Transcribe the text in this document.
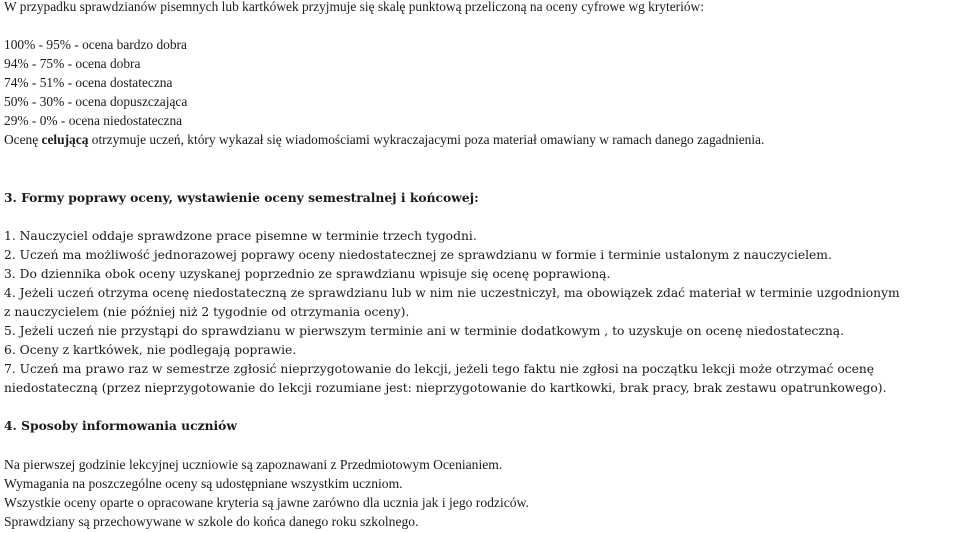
W przypadku sprawdzianów pisemnych lub kartkówek przyjmuje się skalę punktową przeliczoną na oceny cyfrowe wg kryteriów:
100% - 95% - ocena bardzo dobra
94% - 75% - ocena dobra
74% - 51% - ocena dostateczna
50% - 30% - ocena dopuszczająca
29% - 0% - ocena niedostateczna
Ocenę celującą otrzymuje uczeń, który wykazał się wiadomościami wykraczajacymi poza materiał omawiany w ramach danego zagadnienia.
3. Formy poprawy oceny, wystawienie oceny semestralnej i końcowej:
1. Nauczyciel oddaje sprawdzone prace pisemne w terminie trzech tygodni.
2. Uczeń ma możliwość jednorazowej poprawy oceny niedostatecznej ze sprawdzianu w formie i terminie ustalonym z nauczycielem.
3. Do dziennika obok oceny uzyskanej poprzednio ze sprawdzianu wpisuje się ocenę poprawioną.
4. Jeżeli uczeń otrzyma ocenę niedostateczną ze sprawdzianu lub w nim nie uczestniczył, ma obowiązek zdać materiał w terminie uzgodnionym
z nauczycielem (nie później niż 2 tygodnie od otrzymania oceny).
5. Jeżeli uczeń nie przystąpi do sprawdzianu w pierwszym terminie ani w terminie dodatkowym , to uzyskuje on ocenę niedostateczną.
6. Oceny z kartkówek, nie podlegają poprawie.
7. Uczeń ma prawo raz w semestrze zgłosić nieprzygotowanie do lekcji, jeżeli tego faktu nie zgłosi na początku lekcji może otrzymać ocenę
niedostateczną (przez nieprzygotowanie do lekcji rozumiane jest: nieprzygotowanie do kartkowki, brak pracy, brak zestawu opatrunkowego).
4. Sposoby informowania uczniów
Na pierwszej godzinie lekcyjnej uczniowie są zapoznawani z Przedmiotowym Ocenianiem.
Wymagania na poszczególne oceny są udostępniane wszystkim uczniom.
Wszystkie oceny oparte o opracowane kryteria są jawne zarówno dla ucznia jak i jego rodziców.
Sprawdziany są przechowywane w szkole do końca danego roku szkolnego.
